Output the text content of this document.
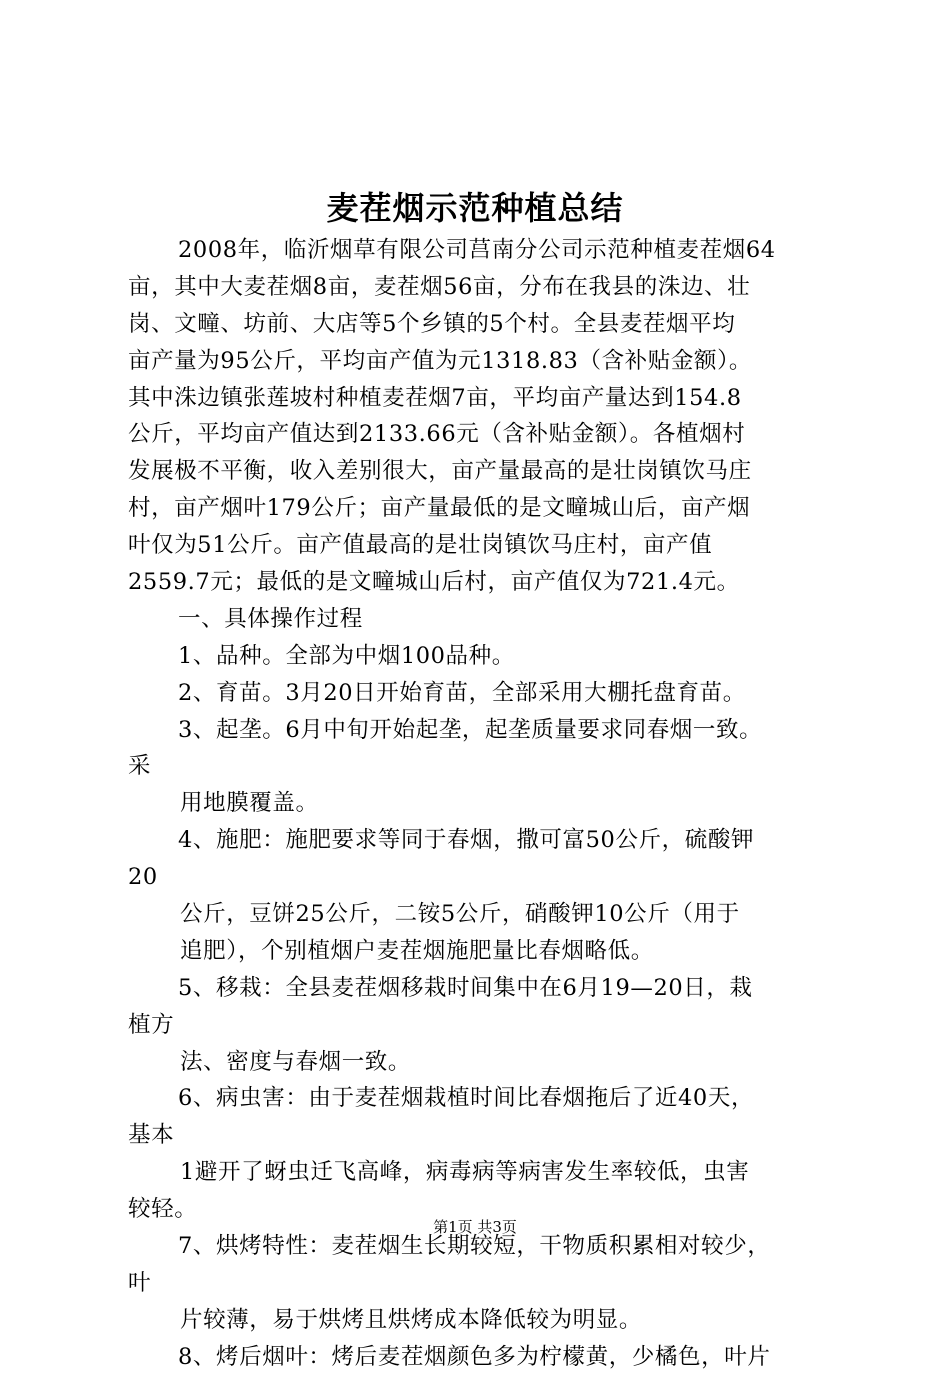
麦茬烟示范种植总结
2008年，临沂烟草有限公司莒南分公司示范种植麦茬烟64
亩，其中大麦茬烟8亩，麦茬烟56亩，分布在我县的洙边、壮
岗、文疃、坊前、大店等5个乡镇的5个村。全县麦茬烟平均
亩产量为95公斤，平均亩产值为元1318.83（含补贴金额）。
其中洙边镇张莲坡村种植麦茬烟7亩，平均亩产量达到154.8
公斤，平均亩产值达到2133.66元（含补贴金额）。各植烟村
发展极不平衡，收入差别很大，亩产量最高的是壮岗镇饮马庄
村，亩产烟叶179公斤；亩产量最低的是文疃城山后，亩产烟
叶仅为51公斤。亩产值最高的是壮岗镇饮马庄村，亩产值
2559.7元；最低的是文疃城山后村，亩产值仅为721.4元。
一、具体操作过程
1、品种。全部为中烟100品种。
2、育苗。3月20日开始育苗，全部采用大棚托盘育苗。
3、起垄。6月中旬开始起垄，起垄质量要求同春烟一致。
采
用地膜覆盖。
4、施肥：施肥要求等同于春烟，撒可富50公斤，硫酸钾
20
公斤，豆饼25公斤，二铵5公斤，硝酸钾10公斤（用于
追肥），个别植烟户麦茬烟施肥量比春烟略低。
5、移栽：全县麦茬烟移栽时间集中在6月19—20日，栽
植方
法、密度与春烟一致。
6、病虫害：由于麦茬烟栽植时间比春烟拖后了近40天，
基本
1避开了蚜虫迁飞高峰，病毒病等病害发生率较低，虫害
较轻。
7、烘烤特性：麦茬烟生长期较短，干物质积累相对较少，
叶
片较薄，易于烘烤且烘烤成本降低较为明显。
8、烤后烟叶：烤后麦茬烟颜色多为柠檬黄，少橘色，叶片
第1页 共3页
